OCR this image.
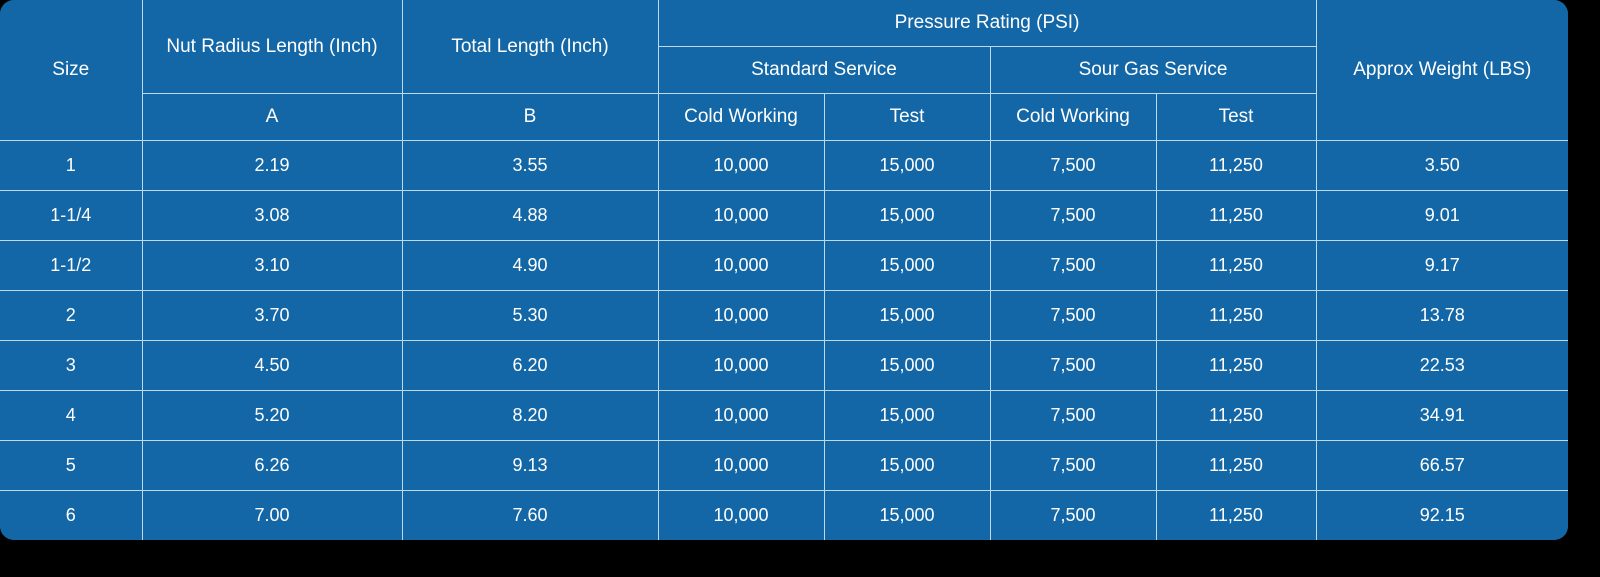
Size	Nut Radius Length (Inch)	Total Length (Inch)	Pressure Rating (PSI)				Approx Weight (LBS)
			Standard Service		Sour Gas Service		
	A	B	Cold Working	Test	Cold Working	Test	
1	2.19	3.55	10,000	15,000	7,500	11,250	3.50
1-1/4	3.08	4.88	10,000	15,000	7,500	11,250	9.01
1-1/2	3.10	4.90	10,000	15,000	7,500	11,250	9.17
2	3.70	5.30	10,000	15,000	7,500	11,250	13.78
3	4.50	6.20	10,000	15,000	7,500	11,250	22.53
4	5.20	8.20	10,000	15,000	7,500	11,250	34.91
5	6.26	9.13	10,000	15,000	7,500	11,250	66.57
6	7.00	7.60	10,000	15,000	7,500	11,250	92.15
